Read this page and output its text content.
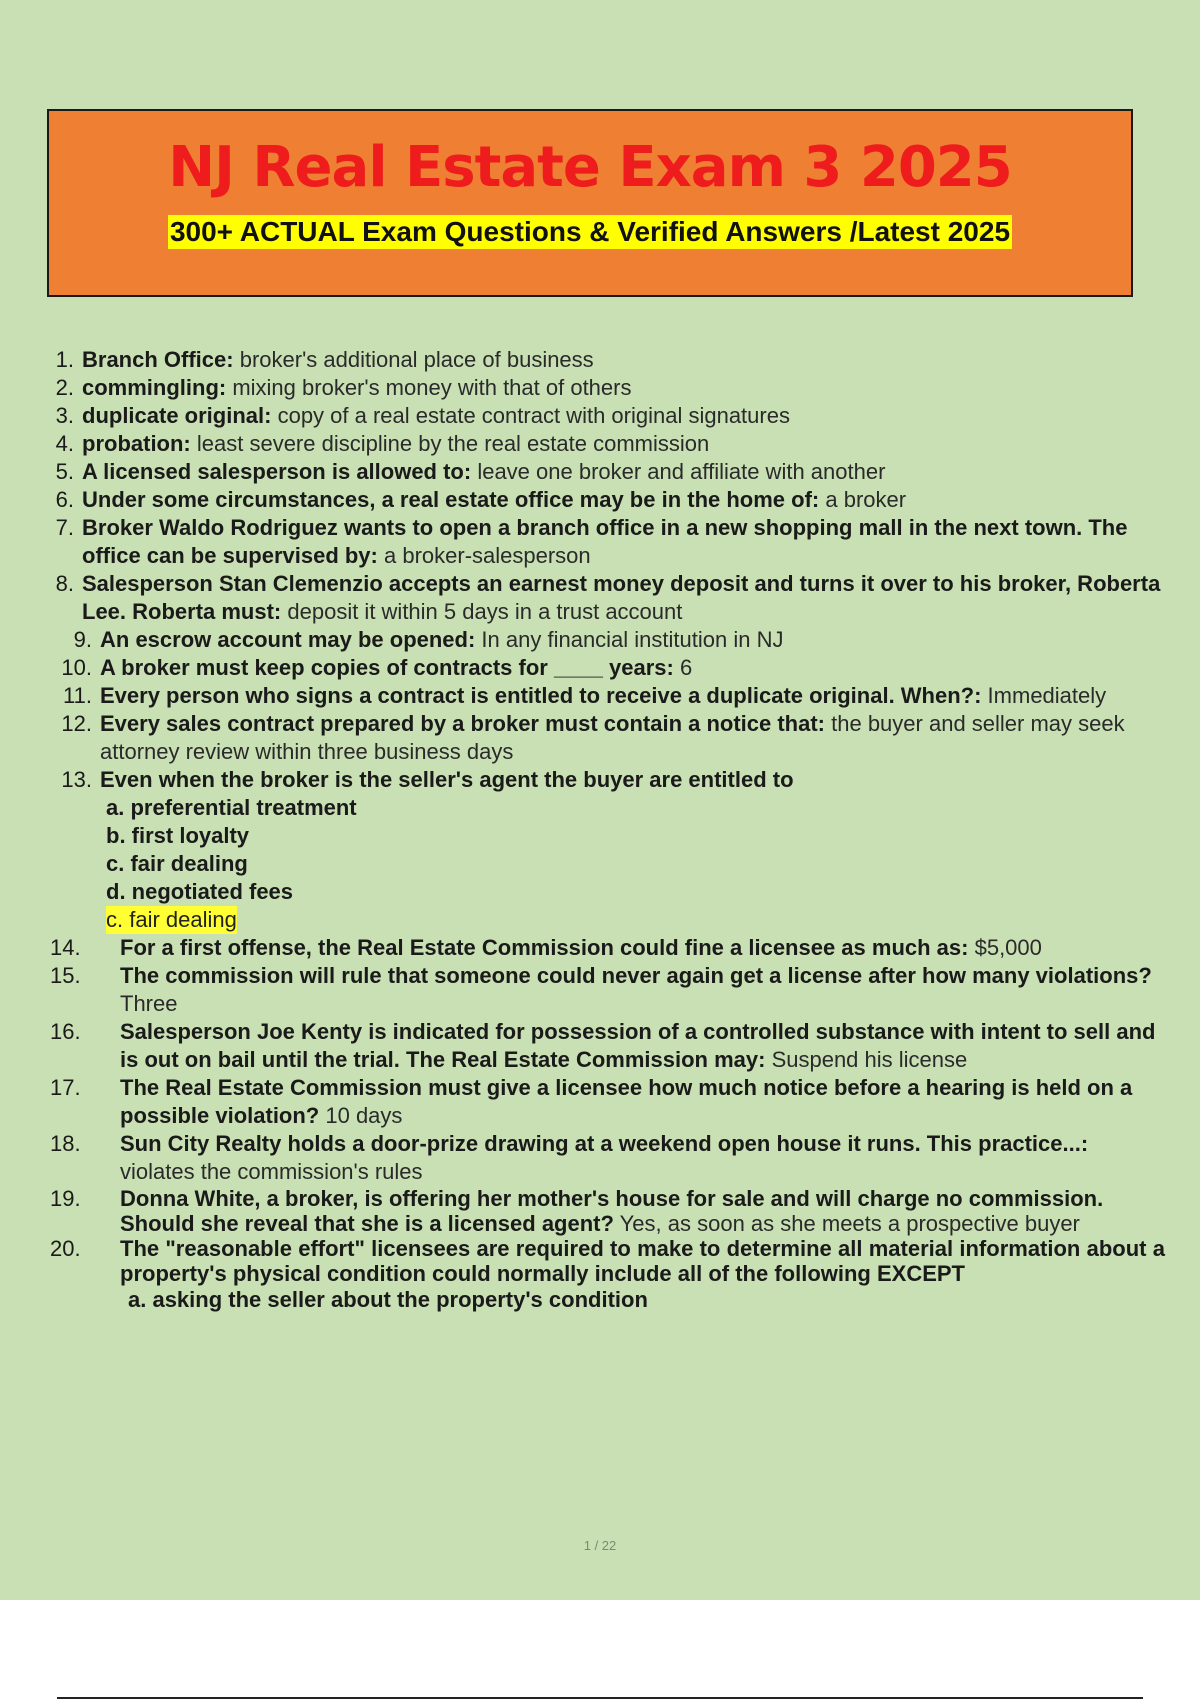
NJ Real Estate Exam 3 2025
300+ ACTUAL Exam Questions & Verified Answers /Latest 2025
1. Branch Office: broker's additional place of business
2. commingling: mixing broker's money with that of others
3. duplicate original: copy of a real estate contract with original signatures
4. probation: least severe discipline by the real estate commission
5. A licensed salesperson is allowed to: leave one broker and affiliate with another
6. Under some circumstances, a real estate office may be in the home of: a broker
7. Broker Waldo Rodriguez wants to open a branch office in a new shopping mall in the next town. The office can be supervised by: a broker-salesperson
8. Salesperson Stan Clemenzio accepts an earnest money deposit and turns it over to his broker, Roberta Lee. Roberta must: deposit it within 5 days in a trust account
9. An escrow account may be opened: In any financial institution in NJ
10. A broker must keep copies of contracts for ____ years: 6
11. Every person who signs a contract is entitled to receive a duplicate original. When?: Immediately
12. Every sales contract prepared by a broker must contain a notice that: the buyer and seller may seek attorney review within three business days
13. Even when the broker is the seller's agent the buyer are entitled to
a. preferential treatment
b. first loyalty
c. fair dealing
d. negotiated fees
c. fair dealing
14.	For a first offense, the Real Estate Commission could fine a licensee as much as: $5,000
15.	The commission will rule that someone could never again get a license after how many violations? Three
16.	Salesperson Joe Kenty is indicated for possession of a controlled substance with intent to sell and is out on bail until the trial. The Real Estate Commission may: Suspend his license
17.	The Real Estate Commission must give a licensee how much notice before a hearing is held on a possible violation? 10 days
18.	Sun City Realty holds a door-prize drawing at a weekend open house it runs. This practice...: violates the commission's rules
19.	Donna White, a broker, is offering her mother's house for sale and will charge no commission. Should she reveal that she is a licensed agent? Yes, as soon as she meets a prospective buyer
20.	The "reasonable effort" licensees are required to make to determine all material information about a property's physical condition could normally include all of the following EXCEPT
a. asking the seller about the property's condition
1 / 22
